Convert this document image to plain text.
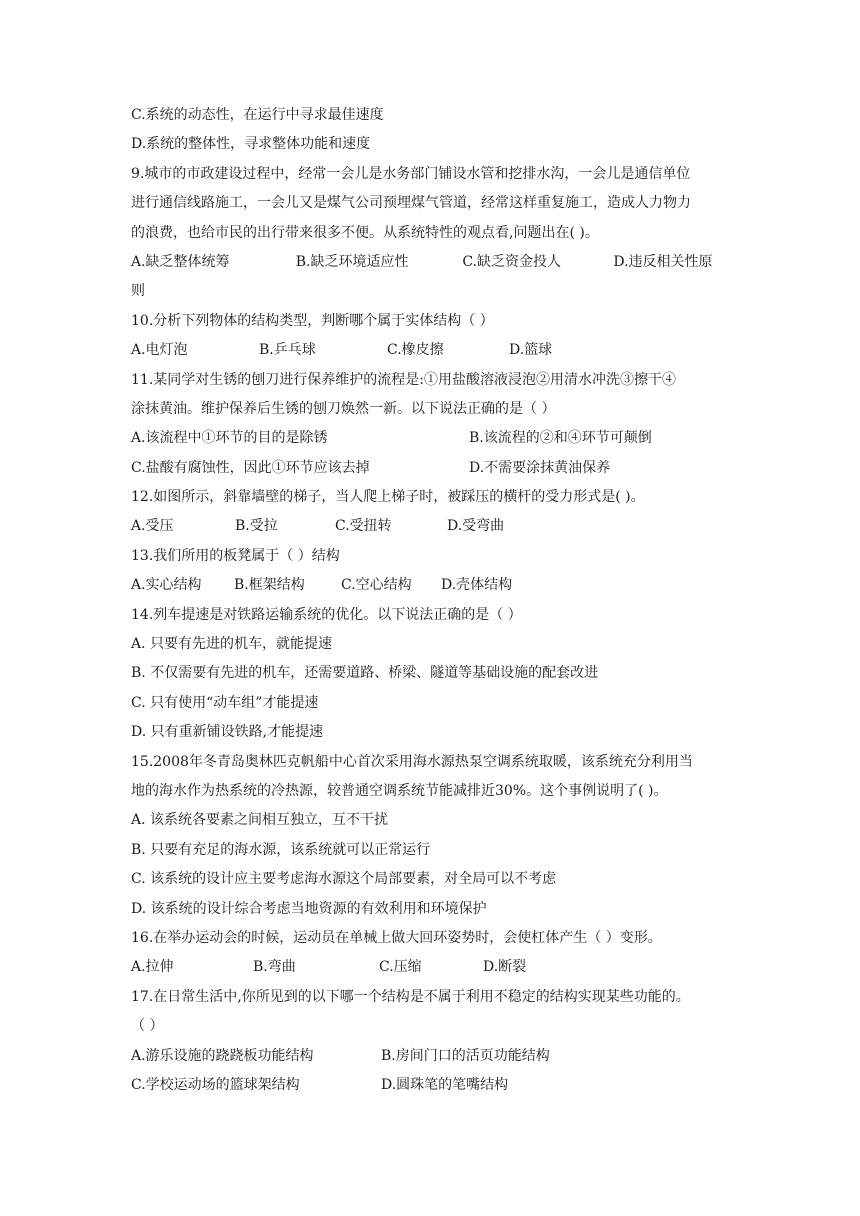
C.系统的动态性，在运行中寻求最佳速度
D.系统的整体性，寻求整体功能和速度
9.城市的市政建设过程中，经常一会儿是水务部门铺设水管和挖排水沟，一会儿是通信单位
进行通信线路施工，一会儿又是煤气公司预埋煤气管道，经常这样重复施工，造成人力物力
的浪费，也给市民的出行带来很多不便。从系统特性的观点看,问题出在( )。
A.缺乏整体统筹	B.缺乏环境适应性	C.缺乏资金投人	D.违反相关性原
则
10.分析下列物体的结构类型，判断哪个属于实体结构（ ）
A.电灯泡	B.乒乓球	C.橡皮擦	D.篮球
11.某同学对生锈的刨刀进行保养维护的流程是:①用盐酸溶液浸泡②用清水冲洗③擦干④
涂抹黄油。维护保养后生锈的刨刀焕然一新。以下说法正确的是（ ）
A.该流程中①环节的目的是除锈	B.该流程的②和④环节可颠倒
C.盐酸有腐蚀性，因此①环节应该去掉	D.不需要涂抹黄油保养
12.如图所示，斜靠墙壁的梯子，当人爬上梯子时，被踩压的横杆的受力形式是( )。
A.受压	B.受拉	C.受扭转	D.受弯曲
13.我们所用的板凳属于（ ）结构
A.实心结构	B.框架结构	C.空心结构	D.壳体结构
14.列车提速是对铁路运输系统的优化。以下说法正确的是（ ）
A. 只要有先进的机车，就能提速
B. 不仅需要有先进的机车，还需要道路、桥梁、隧道等基础设施的配套改进
C. 只有使用“动车组”才能提速
D. 只有重新铺设铁路,才能提速
15.2008年冬青岛奥林匹克帆船中心首次采用海水源热泵空调系统取暖，该系统充分利用当
地的海水作为热系统的冷热源，较普通空调系统节能减排近30%。这个事例说明了( )。
A. 该系统各要素之间相互独立，互不干扰
B. 只要有充足的海水源，该系统就可以正常运行
C. 该系统的设计应主要考虑海水源这个局部要素，对全局可以不考虑
D. 该系统的设计综合考虑当地资源的有效利用和环境保护
16.在举办运动会的时候，运动员在单械上做大回环姿势时，会使杠体产生（ ）变形。
A.拉伸	B.弯曲	C.压缩	D.断裂
17.在日常生活中,你所见到的以下哪一个结构是不属于利用不稳定的结构实现某些功能的。
（ ）
A.游乐设施的跷跷板功能结构	B.房间门口的活页功能结构
C.学校运动场的篮球架结构	D.圆珠笔的笔嘴结构
